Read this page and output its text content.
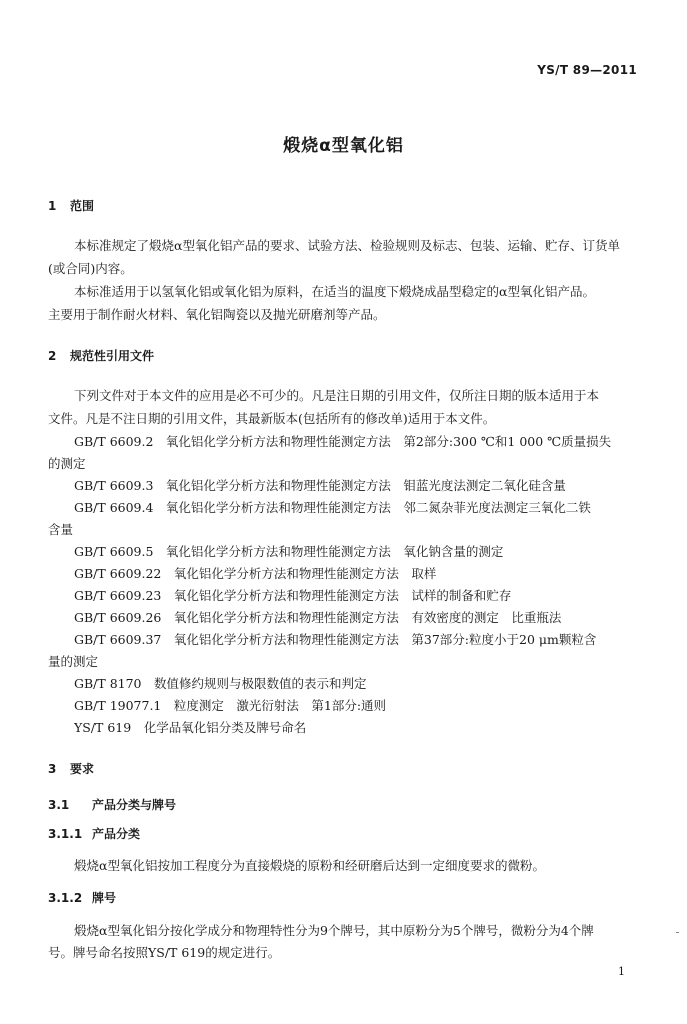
YS/T 89—2011
煅烧α型氧化铝
1 范围
本标准规定了煅烧α型氧化铝产品的要求、试验方法、检验规则及标志、包装、运输、贮存、订货单
(或合同)内容。
本标准适用于以氢氧化铝或氧化铝为原料，在适当的温度下煅烧成晶型稳定的α型氧化铝产品。
主要用于制作耐火材料、氧化铝陶瓷以及抛光研磨剂等产品。
2 规范性引用文件
下列文件对于本文件的应用是必不可少的。凡是注日期的引用文件，仅所注日期的版本适用于本
文件。凡是不注日期的引用文件，其最新版本(包括所有的修改单)适用于本文件。
GB/T 6609.2　氧化铝化学分析方法和物理性能测定方法　第2部分:300 ℃和1 000 ℃质量损失
的测定
GB/T 6609.3　氧化铝化学分析方法和物理性能测定方法　钼蓝光度法测定二氧化硅含量
GB/T 6609.4　氧化铝化学分析方法和物理性能测定方法　邻二氮杂菲光度法测定三氧化二铁
含量
GB/T 6609.5　氧化铝化学分析方法和物理性能测定方法　氧化钠含量的测定
GB/T 6609.22　氧化铝化学分析方法和物理性能测定方法　取样
GB/T 6609.23　氧化铝化学分析方法和物理性能测定方法　试样的制备和贮存
GB/T 6609.26　氧化铝化学分析方法和物理性能测定方法　有效密度的测定　比重瓶法
GB/T 6609.37　氧化铝化学分析方法和物理性能测定方法　第37部分:粒度小于20 μm颗粒含
量的测定
GB/T 8170　数值修约规则与极限数值的表示和判定
GB/T 19077.1　粒度测定　激光衍射法　第1部分:通则
YS/T 619　化学品氧化铝分类及牌号命名
3 要求
3.1 产品分类与牌号
3.1.1 产品分类
煅烧α型氧化铝按加工程度分为直接煅烧的原粉和经研磨后达到一定细度要求的微粉。
3.1.2 牌号
煅烧α型氧化铝分按化学成分和物理特性分为9个牌号，其中原粉分为5个牌号，微粉分为4个牌
号。牌号命名按照YS/T 619的规定进行。
1
